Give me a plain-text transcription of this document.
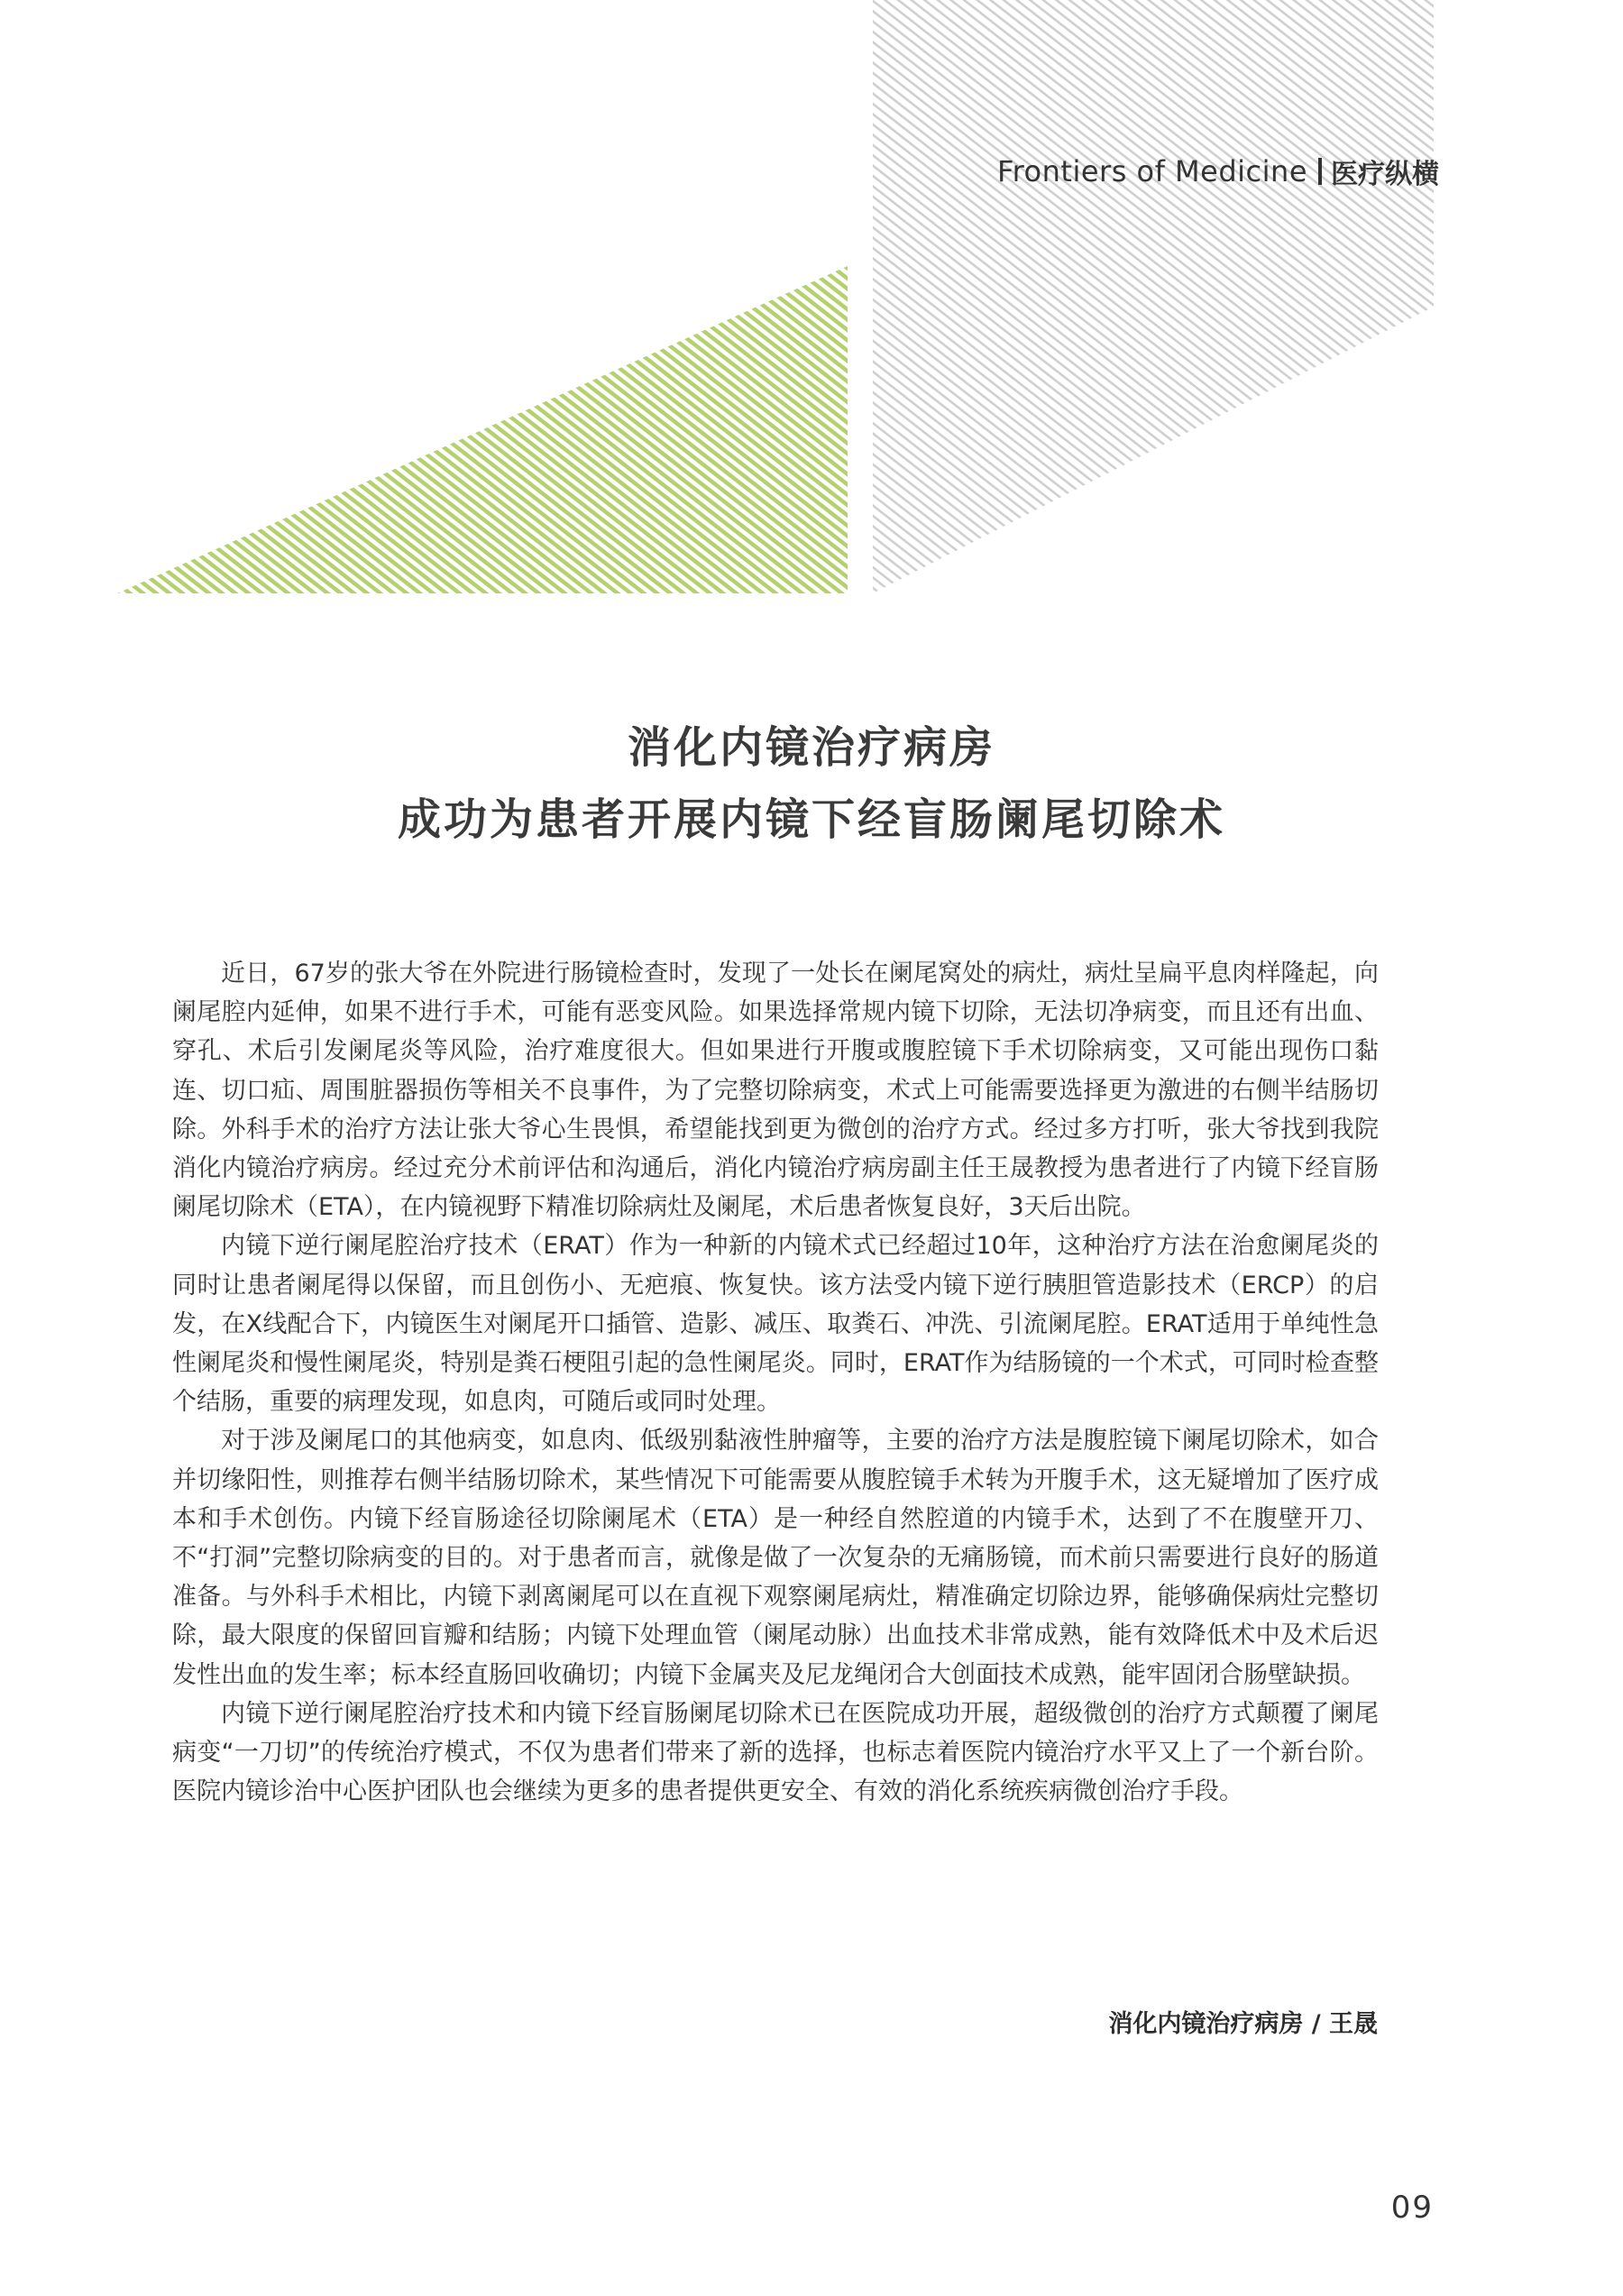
Frontiers of Medicine 医疗纵横
消化内镜治疗病房
成功为患者开展内镜下经盲肠阑尾切除术

近日，67岁的张大爷在外院进行肠镜检查时，发现了一处长在阑尾窝处的病灶，病灶呈扁平息肉样隆起，向阑尾腔内延伸，如果不进行手术，可能有恶变风险。如果选择常规内镜下切除，无法切净病变，而且还有出血、穿孔、术后引发阑尾炎等风险，治疗难度很大。但如果进行开腹或腹腔镜下手术切除病变，又可能出现伤口黏连、切口疝、周围脏器损伤等相关不良事件，为了完整切除病变，术式上可能需要选择更为激进的右侧半结肠切除。外科手术的治疗方法让张大爷心生畏惧，希望能找到更为微创的治疗方式。经过多方打听，张大爷找到我院消化内镜治疗病房。经过充分术前评估和沟通后，消化内镜治疗病房副主任王晟教授为患者进行了内镜下经盲肠阑尾切除术（ETA），在内镜视野下精准切除病灶及阑尾，术后患者恢复良好，3天后出院。

内镜下逆行阑尾腔治疗技术（ERAT）作为一种新的内镜术式已经超过10年，这种治疗方法在治愈阑尾炎的同时让患者阑尾得以保留，而且创伤小、无疤痕、恢复快。该方法受内镜下逆行胰胆管造影技术（ERCP）的启发，在X线配合下，内镜医生对阑尾开口插管、造影、减压、取粪石、冲洗、引流阑尾腔。ERAT适用于单纯性急性阑尾炎和慢性阑尾炎，特别是粪石梗阻引起的急性阑尾炎。同时，ERAT作为结肠镜的一个术式，可同时检查整个结肠，重要的病理发现，如息肉，可随后或同时处理。

对于涉及阑尾口的其他病变，如息肉、低级别黏液性肿瘤等，主要的治疗方法是腹腔镜下阑尾切除术，如合并切缘阳性，则推荐右侧半结肠切除术，某些情况下可能需要从腹腔镜手术转为开腹手术，这无疑增加了医疗成本和手术创伤。内镜下经盲肠途径切除阑尾术（ETA）是一种经自然腔道的内镜手术，达到了不在腹壁开刀、不“打洞”完整切除病变的目的。对于患者而言，就像是做了一次复杂的无痛肠镜，而术前只需要进行良好的肠道准备。与外科手术相比，内镜下剥离阑尾可以在直视下观察阑尾病灶，精准确定切除边界，能够确保病灶完整切除，最大限度的保留回盲瓣和结肠；内镜下处理血管（阑尾动脉）出血技术非常成熟，能有效降低术中及术后迟发性出血的发生率；标本经直肠回收确切；内镜下金属夹及尼龙绳闭合大创面技术成熟，能牢固闭合肠壁缺损。

内镜下逆行阑尾腔治疗技术和内镜下经盲肠阑尾切除术已在医院成功开展，超级微创的治疗方式颠覆了阑尾病变“一刀切”的传统治疗模式，不仅为患者们带来了新的选择，也标志着医院内镜治疗水平又上了一个新台阶。医院内镜诊治中心医护团队也会继续为更多的患者提供更安全、有效的消化系统疾病微创治疗手段。

消化内镜治疗病房 / 王晟
09
